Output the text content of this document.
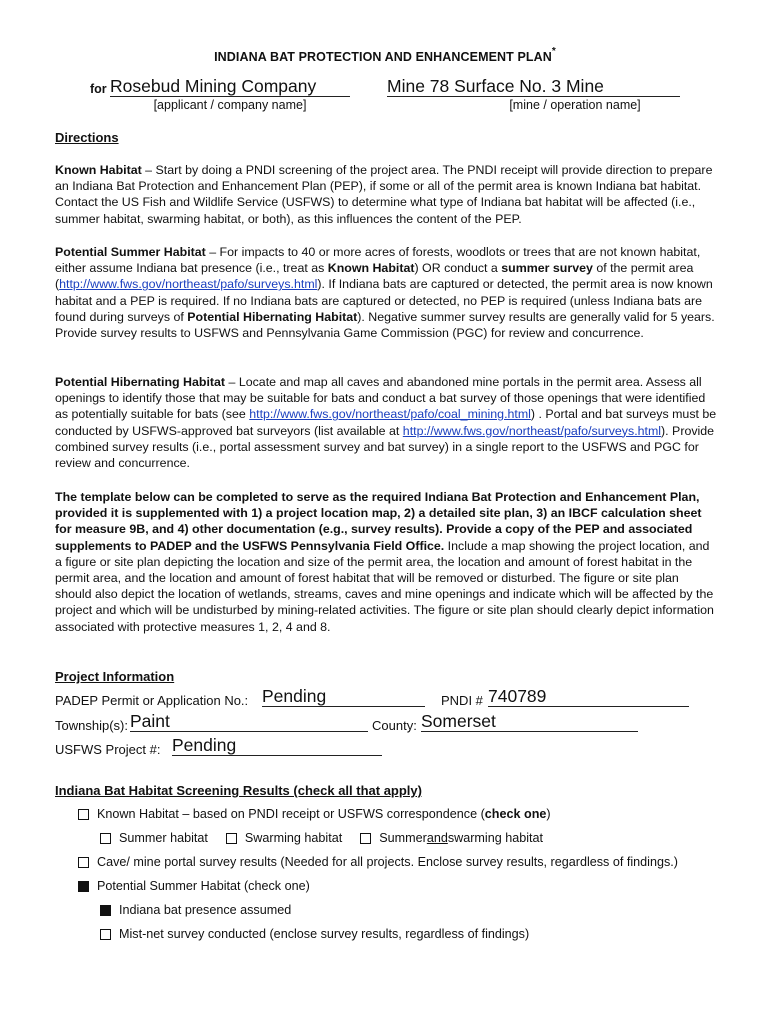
INDIANA BAT PROTECTION AND ENHANCEMENT PLAN*
for Rosebud Mining Company
[applicant / company name]
Mine 78 Surface No. 3 Mine
[mine / operation name]
Directions
Known Habitat – Start by doing a PNDI screening of the project area. The PNDI receipt will provide direction to prepare an Indiana Bat Protection and Enhancement Plan (PEP), if some or all of the permit area is known Indiana bat habitat. Contact the US Fish and Wildlife Service (USFWS) to determine what type of Indiana bat habitat will be affected (i.e., summer habitat, swarming habitat, or both), as this influences the content of the PEP.
Potential Summer Habitat – For impacts to 40 or more acres of forests, woodlots or trees that are not known habitat, either assume Indiana bat presence (i.e., treat as Known Habitat) OR conduct a summer survey of the permit area (http://www.fws.gov/northeast/pafo/surveys.html). If Indiana bats are captured or detected, the permit area is now known habitat and a PEP is required. If no Indiana bats are captured or detected, no PEP is required (unless Indiana bats are found during surveys of Potential Hibernating Habitat). Negative summer survey results are generally valid for 5 years. Provide survey results to USFWS and Pennsylvania Game Commission (PGC) for review and concurrence.
Potential Hibernating Habitat – Locate and map all caves and abandoned mine portals in the permit area. Assess all openings to identify those that may be suitable for bats and conduct a bat survey of those openings that were identified as potentially suitable for bats (see http://www.fws.gov/northeast/pafo/coal_mining.html) . Portal and bat surveys must be conducted by USFWS-approved bat surveyors (list available at http://www.fws.gov/northeast/pafo/surveys.html). Provide combined survey results (i.e., portal assessment survey and bat survey) in a single report to the USFWS and PGC for review and concurrence.
The template below can be completed to serve as the required Indiana Bat Protection and Enhancement Plan, provided it is supplemented with 1) a project location map, 2) a detailed site plan, 3) an IBCF calculation sheet for measure 9B, and 4) other documentation (e.g., survey results). Provide a copy of the PEP and associated supplements to PADEP and the USFWS Pennsylvania Field Office. Include a map showing the project location, and a figure or site plan depicting the location and size of the permit area, the location and amount of forest habitat in the permit area, and the location and amount of forest habitat that will be removed or disturbed. The figure or site plan should also depict the location of wetlands, streams, caves and mine openings and indicate which will be affected by the project and which will be undisturbed by mining-related activities. The figure or site plan should clearly depict information associated with protective measures 1, 2, 4 and 8.
Project Information
PADEP Permit or Application No.: Pending	PNDI # 740789
Township(s): Paint	County: Somerset
USFWS Project #: Pending
Indiana Bat Habitat Screening Results (check all that apply)
Known Habitat – based on PNDI receipt or USFWS correspondence ( check one )
Summer habitat	Swarming habitat	Summer and swarming habitat
Cave/ mine portal survey results (Needed for all projects. Enclose survey results, regardless of findings.)
Potential Summer Habitat (check one)
Indiana bat presence assumed
Mist-net survey conducted (enclose survey results, regardless of findings)
